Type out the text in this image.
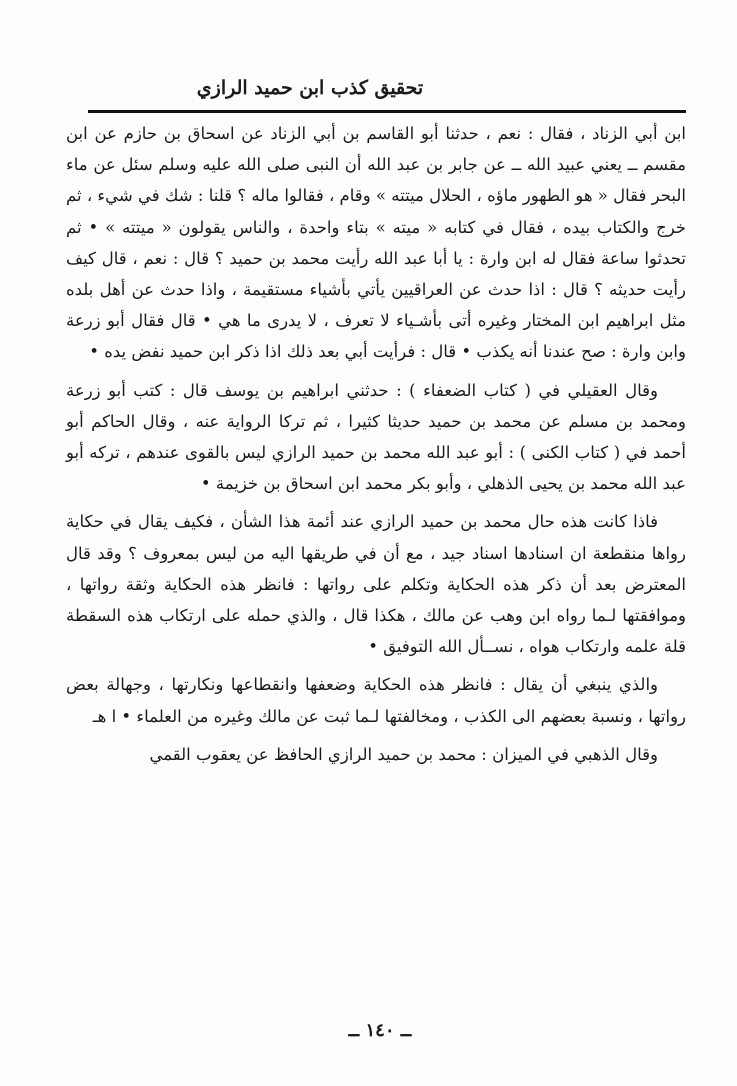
تحقيق كذب ابن حميد الرازي

ابن أبي الزناد ، فقال : نعم ، حدثنا أبو القاسم بن أبي الزناد عن اسحاق بن حازم عن ابن مقسم ــ يعني عبيد الله ــ عن جابر بن عبد الله أن النبى صلى الله عليه وسلم سئل عن ماء البحر فقال « هو الطهور ماؤه ، الحلال ميتته » وقام ، فقالوا ماله ؟ قلنا : شك في شيء ، ثم خرج والكتاب بيده ، فقال في كتابه « ميته » بتاء واحدة ، والناس يقولون « ميتته » • ثم تحدثوا ساعة فقال له ابن وارة : يا أبا عبد الله رأيت محمد بن حميد ؟ قال : نعم ، قال كيف رأيت حديثه ؟ قال : اذا حدث عن العراقيين يأتي بأشياء مستقيمة ، واذا حدث عن أهل بلده مثل ابراهيم ابن المختار وغيره أتى بأشـياء لا تعرف ، لا يدرى ما هي • قال فقال أبو زرعة وابن وارة : صح عندنا أنه يكذب • قال : فرأيت أبي بعد ذلك اذا ذكر ابن حميد نفض يده •

وقال العقيلي في ( كتاب الضعفاء ) : حدثني ابراهيم بن يوسف قال : كتب أبو زرعة ومحمد بن مسلم عن محمد بن حميد حديثا كثيرا ، ثم تركا الرواية عنه ، وقال الحاكم أبو أحمد في ( كتاب الكنى ) : أبو عبد الله محمد بن حميد الرازي ليس بالقوى عندهم ، تركه أبو عبد الله محمد بن يحيى الذهلي ، وأبو بكر محمد ابن اسحاق بن خزيمة •

فاذا كانت هذه حال محمد بن حميد الرازي عند أئمة هذا الشأن ، فكيف يقال في حكاية رواها منقطعة ان اسنادها اسناد جيد ، مع أن في طريقها اليه من ليس بمعروف ؟ وقد قال المعترض بعد أن ذكر هذه الحكاية وتكلم على رواتها : فانظر هذه الحكاية وثقة رواتها ، وموافقتها لـما رواه ابن وهب عن مالك ، هكذا قال ، والذي حمله على ارتكاب هذه السقطة قلة علمه وارتكاب هواه ، نســأل الله التوفيق •

والذي ينبغي أن يقال : فانظر هذه الحكاية وضعفها وانقطاعها ونكارتها ، وجهالة بعض رواتها ، ونسبة بعضهم الى الكذب ، ومخالفتها لـما ثبت عن مالك وغيره من العلماء • ا هـ

وقال الذهبي في الميزان : محمد بن حميد الرازي الحافظ عن يعقوب القمي

ــ ١٤٠ ــ
